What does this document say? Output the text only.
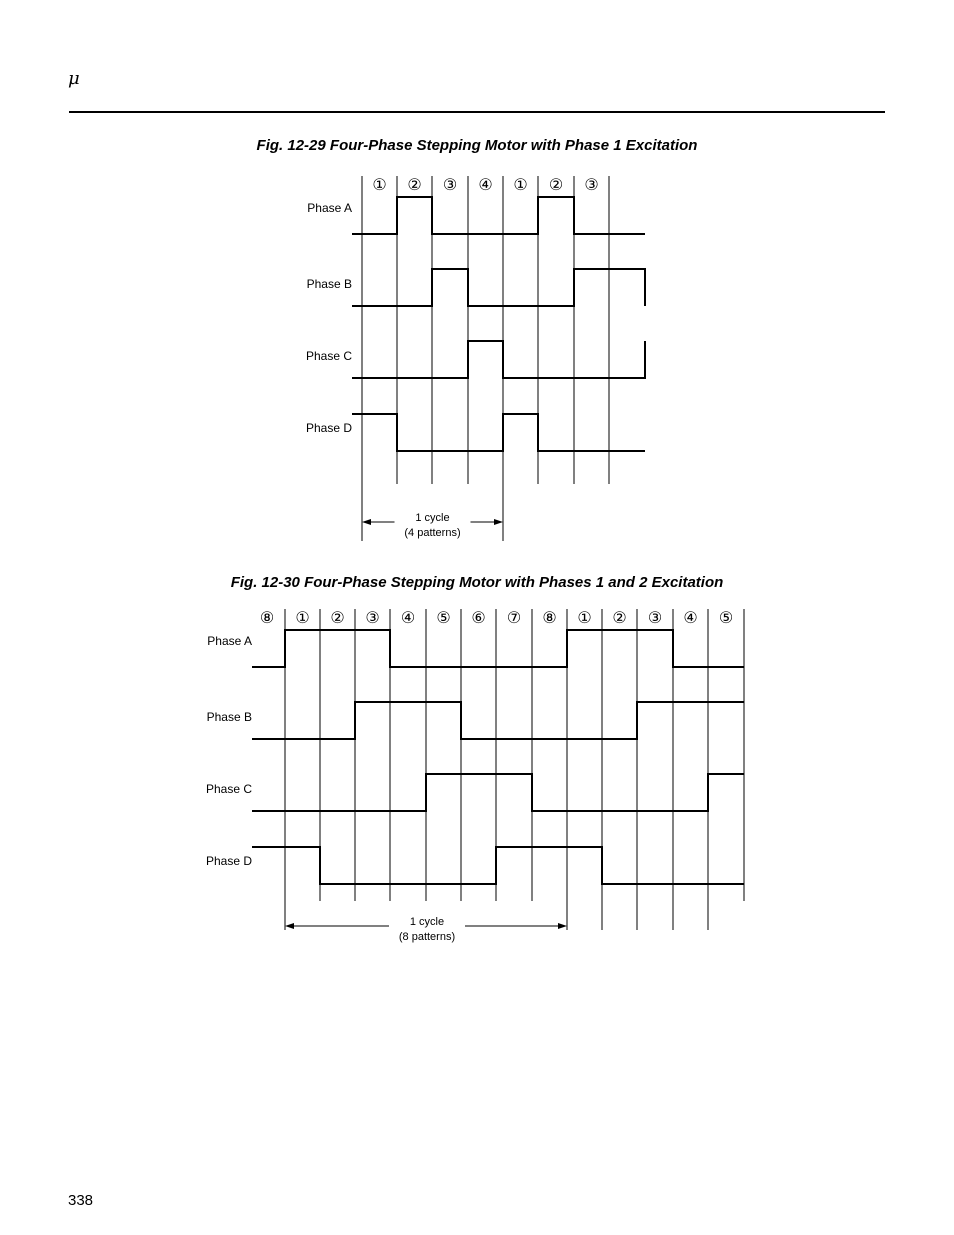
μ
Fig. 12-29 Four-Phase Stepping Motor with Phase 1 Excitation
① ② ③ ④ ① ② ③
Phase A
Phase B
Phase C
Phase D
1 cycle
(4 patterns)
Fig. 12-30 Four-Phase Stepping Motor with Phases 1 and 2 Excitation
338
⑧ ① ② ③ ④ ⑤ ⑥ ⑦ ⑧ ① ② ③ ④ ⑤
Phase A
Phase B
Phase C
Phase D
1 cycle
(8 patterns)
